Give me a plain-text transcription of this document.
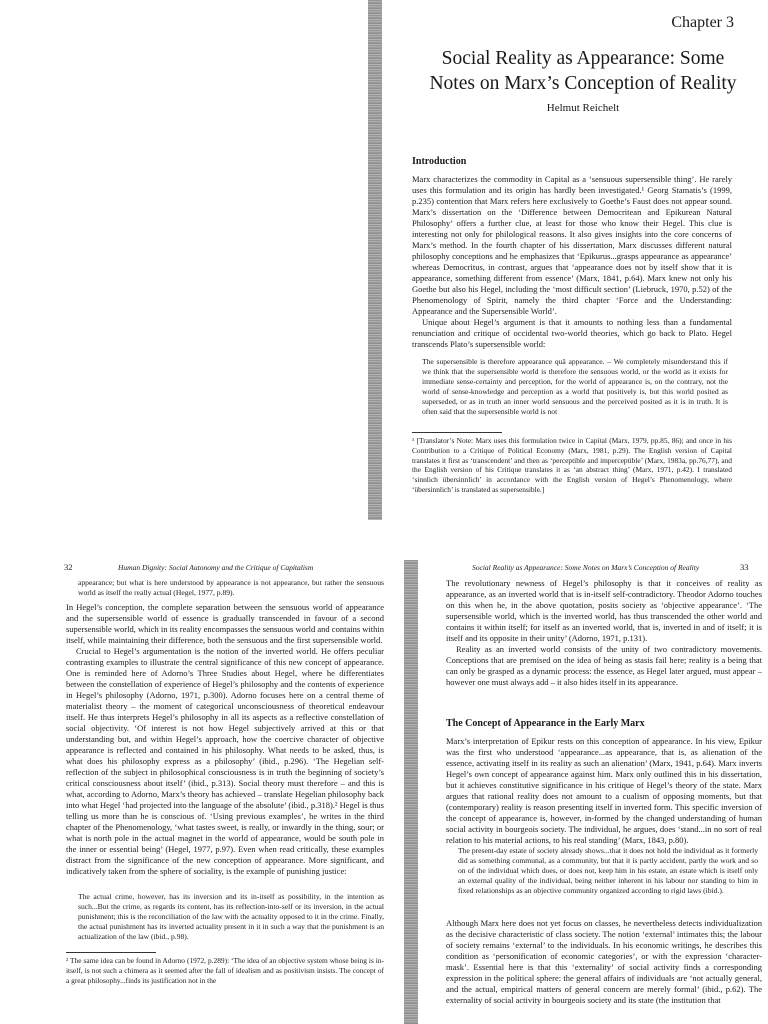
Chapter 3
Social Reality as Appearance: Some
Notes on Marx’s Conception of Reality
Helmut Reichelt
Introduction

Marx characterizes the commodity in Capital as a ‘sensuous supersensible thing’. He rarely uses this formulation and its origin has hardly been investigated.¹ Georg Stamatis’s (1999, p.235) contention that Marx refers here exclusively to Goethe’s Faust does not appear sound. Marx’s dissertation on the ‘Difference between Democritean and Epikurean Natural Philosophy’ offers a further clue, at least for those who know their Hegel. This clue is interesting not only for philological reasons. It also gives insights into the core concerns of Marx’s method. In the fourth chapter of his dissertation, Marx discusses different natural philosophy conceptions and he emphasizes that ‘Epikurus...grasps appearance as appearance’ whereas Democritus, in contrast, argues that ‘appearance does not by itself show that it is appearance, something different from essence’ (Marx, 1841, p.64). Marx knew not only his Goethe but also his Hegel, including the ‘most difficult section’ (Liebruck, 1970, p.52) of the Phenomenology of Spirit, namely the third chapter ‘Force and the Understanding: Appearance and the Supersensible World’.

Unique about Hegel’s argument is that it amounts to nothing less than a fundamental renunciation and critique of occidental two-world theories, which go back to Plato. Hegel transcends Plato’s supersensible world:

The supersensible is therefore appearance quâ appearance. – We completely misunderstand this if we think that the supersensible world is therefore the sensuous world, or the world as it exists for immediate sense-certainty and perception, for the world of appearance is, on the contrary, not the world of sense-knowledge and perception as a world that positively is, but this world posited as superseded, or as in truth an inner world sensuous and the perceived posited as it is in truth. It is often said that the supersensible world is not

¹ [Translator’s Note: Marx uses this formulation twice in Capital (Marx, 1979, pp.85, 86); and once in his Contribution to a Critique of Political Economy (Marx, 1981, p.29). The English version of Capital translates it first as ‘transcendent’ and then as ‘perceptible and imperceptible’ (Marx, 1983a, pp.76,77), and the English version of his Critique translates it as ‘an abstract thing’ (Marx, 1971, p.42). I translated ‘sinnlich übersinnlich’ in accordance with the English version of Hegel’s Phenomenology, where ‘übersinnlich’ is translated as supersensible.]

32	Human Dignity: Social Autonomy and the Critique of Capitalism

appearance; but what is here understood by appearance is not appearance, but rather the sensuous world as itself the really actual (Hegel, 1977, p.89).

In Hegel’s conception, the complete separation between the sensuous world of appearance and the supersensible world of essence is gradually transcended in favour of a second supersensible world, which in its reality encompasses the sensuous world and contains within itself, while maintaining their difference, both the sensuous and the first supersensible world.

Crucial to Hegel’s argumentation is the notion of the inverted world. He offers peculiar contrasting examples to illustrate the central significance of this new concept of appearance. One is reminded here of Adorno’s Three Studies about Hegel, where he differentiates between the constellation of experience of Hegel’s philosophy and the contents of experience in Hegel’s philosophy (Adorno, 1971, p.300). Adorno focuses here on a central theme of materialist theory – the moment of categorical unconsciousness of theoretical endeavour itself. He thus interprets Hegel’s philosophy in all its aspects as a reflective constellation of social objectivity. ‘Of interest is not how Hegel subjectively arrived at this or that understanding but, and within Hegel’s approach, how the coercive character of objective appearance is reflected and contained in his philosophy. What needs to be asked, thus, is what does his philosophy express as a philosophy’ (ibid., p.296). ‘The Hegelian self-reflection of the subject in philosophical consciousness is in truth the beginning of society’s critical consciousness about itself’ (ibid., p.313). Social theory must therefore – and this is what, according to Adorno, Marx’s theory has achieved – translate Hegelian philosophy back into what Hegel ‘had projected into the language of the absolute’ (ibid., p.318).² Hegel is thus telling us more than he is conscious of. ‘Using previous examples’, he writes in the third chapter of the Phenomenology, ‘what tastes sweet, is really, or inwardly in the thing, sour; or what is north pole in the actual magnet in the world of appearance, would be south pole in the inner or essential being’ (Hegel, 1977, p.97). Even when read critically, these examples distract from the significance of the new conception of appearance. More significant, and indicatively taken from the sphere of sociality, is the example of punishing justice:

The actual crime, however, has its inversion and its in-itself as possibility, in the intention as such...But the crime, as regards its content, has its reflection-into-self or its inversion, in the actual punishment; this is the reconciliation of the law with the actuality opposed to it in the crime. Finally, the actual punishment has its inverted actuality present in it in such a way that the punishment is an actualization of the law (ibid., p.98).

² The same idea can be found in Adorno (1972, p.289): ‘The idea of an objective system whose being is in-itself, is not such a chimera as it seemed after the fall of idealism and as positivism insists. The concept of a great philosophy...finds its justification not in the

Social Reality as Appearance: Some Notes on Marx’s Conception of Reality	33

The revolutionary newness of Hegel’s philosophy is that it conceives of reality as appearance, as an inverted world that is in-itself self-contradictory. Theodor Adorno touches on this when he, in the above quotation, posits society as ‘objective appearance’. ‘The supersensible world, which is the inverted world, has thus transcended the other world and contains it within itself; for itself as an inverted world, that is, inverted in and of itself; it is itself and its opposite in their unity’ (Adorno, 1971, p.131).

Reality as an inverted world consists of the unity of two contradictory movements. Conceptions that are premised on the idea of being as stasis fail here; reality is a being that can only be grasped as a dynamic process: the essence, as Hegel later argued, must appear – however one must always add – it also hides itself in its appearance.

The Concept of Appearance in the Early Marx

Marx’s interpretation of Epikur rests on this conception of appearance. In his view, Epikur was the first who understood ‘appearance...as appearance, that is, as alienation of the essence, activating itself in its reality as such an alienation’ (Marx, 1941, p.64). Marx inverts Hegel’s own concept of appearance against him. Marx only outlined this in his dissertation, but it achieves constitutive significance in his critique of Hegel’s theory of the state. Marx argues that rational reality does not amount to a cualism of opposing moments, but that (contemporary) reality is reason presenting itself in inverted form. This specific inversion of the concept of appearance is, however, in-formed by the changed understanding of human social activity in bourgeois society. The individual, he argues, does ‘stand...in no sort of real relation to his material actions, to his real standing’ (Marx, 1843, p.80).

The present-day estate of society already shows...that it does not hold the individual as it formerly did as something communal, as a community, but that it is partly accident, partly the work and so on of the individual which does, or does not, keep him in his estate, an estate which is itself only an external quality of the individual, being neither inherent in his labour nor standing to him in fixed relationships as an objective community organized according to rigid laws (ibid.).

Although Marx here does not yet focus on classes, he nevertheless detects individualization as the decisive characteristic of class society. The notion ‘external’ intimates this; the labour of society remains ‘external’ to the individuals. In his economic writings, he describes this condition as ‘personification of economic categories’, or with the expression ‘character-mask’. Essential here is that this ‘externality’ of social activity finds a corresponding expression in the political sphere: the general affairs of individuals are ‘not actually general, and the actual, empirical matters of general concern are merely formal’ (ibid., p.62). The externality of social activity in bourgeois society and its state (the institution that
